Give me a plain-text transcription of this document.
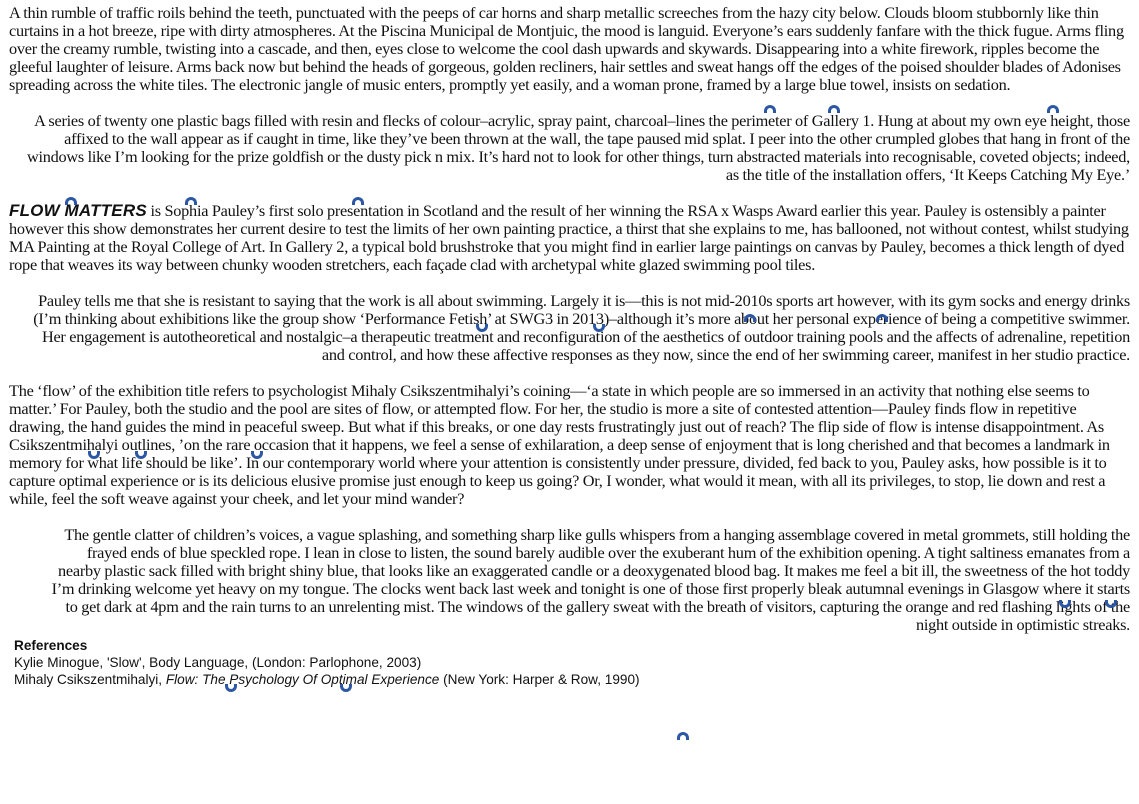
A thin rumble of traffic roils behind the teeth, punctuated with the peeps of car horns and sharp metallic screeches from the hazy city below. Clouds bloom stubbornly like thin curtains in a hot breeze, ripe with dirty atmospheres. At the Piscina Municipal de Montjuic, the mood is languid. Everyone’s ears suddenly fanfare with the thick fugue. Arms fling over the creamy rumble, twisting into a cascade, and then, eyes close to welcome the cool dash upwards and skywards. Disappearing into a white firework, ripples become the gleeful laughter of leisure. Arms back now but behind the heads of gorgeous, golden recliners, hair settles and sweat hangs off the edges of the poised shoulder blades of Adonises spreading across the white tiles. The electronic jangle of music enters, promptly yet easily, and a woman prone, framed by a large blue towel, insists on sedation.

A series of twenty one plastic bags filled with resin and flecks of colour–acrylic, spray paint, charcoal–lines the perimeter of Gallery 1. Hung at about my own eye height, those affixed to the wall appear as if caught in time, like they’ve been thrown at the wall, the tape paused mid splat. I peer into the other crumpled globes that hang in front of the windows like I’m looking for the prize goldfish or the dusty pick n mix. It’s hard not to look for other things, turn abstracted materials into recognisable, coveted objects; indeed, as the title of the installation offers, ‘It Keeps Catching My Eye.’

FLOW MATTERS is Sophia Pauley’s first solo presentation in Scotland and the result of her winning the RSA x Wasps Award earlier this year. Pauley is ostensibly a painter however this show demonstrates her current desire to test the limits of her own painting practice, a thirst that she explains to me, has ballooned, not without contest, whilst studying MA Painting at the Royal College of Art. In Gallery 2, a typical bold brushstroke that you might find in earlier large paintings on canvas by Pauley, becomes a thick length of dyed rope that weaves its way between chunky wooden stretchers, each façade clad with archetypal white glazed swimming pool tiles.

Pauley tells me that she is resistant to saying that the work is all about swimming. Largely it is—this is not mid-2010s sports art however, with its gym socks and energy drinks (I’m thinking about exhibitions like the group show ‘Performance Fetish’ at SWG3 in 2013)–although it’s more about her personal experience of being a competitive swimmer. Her engagement is autotheoretical and nostalgic–a therapeutic treatment and reconfiguration of the aesthetics of outdoor training pools and the affects of adrenaline, repetition and control, and how these affective responses as they now, since the end of her swimming career, manifest in her studio practice.

The ‘flow’ of the exhibition title refers to psychologist Mihaly Csikszentmihalyi’s coining—‘a state in which people are so immersed in an activity that nothing else seems to matter.’ For Pauley, both the studio and the pool are sites of flow, or attempted flow. For her, the studio is more a site of contested attention—Pauley finds flow in repetitive drawing, the hand guides the mind in peaceful sweep. But what if this breaks, or one day rests frustratingly just out of reach? The flip side of flow is intense disappointment. As Csikszentmihalyi outlines, ’on the rare occasion that it happens, we feel a sense of exhilaration, a deep sense of enjoyment that is long cherished and that becomes a landmark in memory for what life should be like’. In our contemporary world where your attention is consistently under pressure, divided, fed back to you, Pauley asks, how possible is it to capture optimal experience or is its delicious elusive promise just enough to keep us going? Or, I wonder, what would it mean, with all its privileges, to stop, lie down and rest a while, feel the soft weave against your cheek, and let your mind wander?

The gentle clatter of children’s voices, a vague splashing, and something sharp like gulls whispers from a hanging assemblage covered in metal grommets, still holding the frayed ends of blue speckled rope. I lean in close to listen, the sound barely audible over the exuberant hum of the exhibition opening. A tight saltiness emanates from a nearby plastic sack filled with bright shiny blue, that looks like an exaggerated candle or a deoxygenated blood bag. It makes me feel a bit ill, the sweetness of the hot toddy I’m drinking welcome yet heavy on my tongue. The clocks went back last week and tonight is one of those first properly bleak autumnal evenings in Glasgow where it starts to get dark at 4pm and the rain turns to an unrelenting mist. The windows of the gallery sweat with the breath of visitors, capturing the orange and red flashing lights of the night outside in optimistic streaks.

References
Kylie Minogue, 'Slow', Body Language, (London: Parlophone, 2003)
Mihaly Csikszentmihalyi, Flow: The Psychology Of Optimal Experience (New York: Harper & Row, 1990)
